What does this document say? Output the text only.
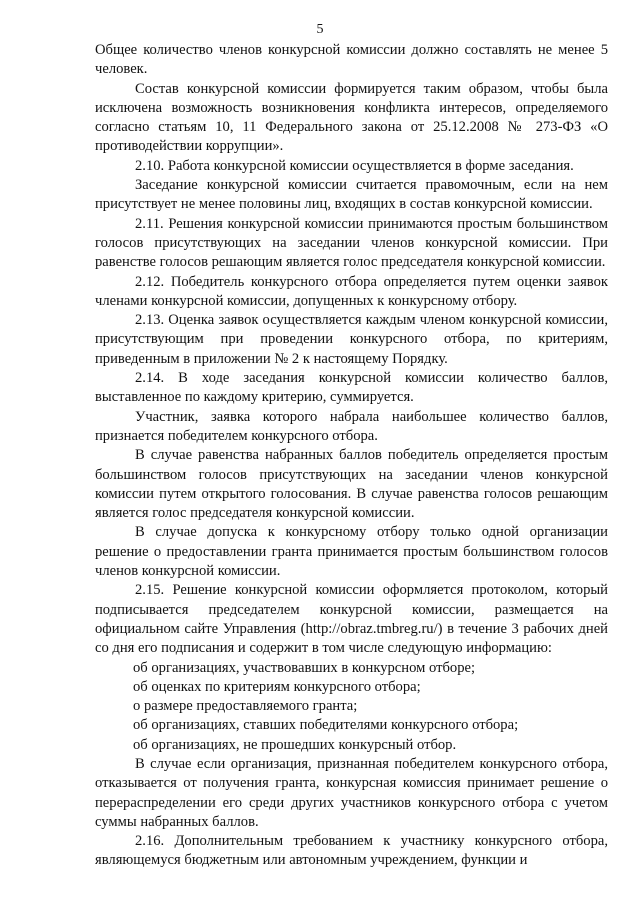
5

Общее количество членов конкурсной комиссии должно составлять не менее 5 человек.

Состав конкурсной комиссии формируется таким образом, чтобы была исключена возможность возникновения конфликта интересов, определяемого согласно статьям 10, 11 Федерального закона от 25.12.2008 № 273-ФЗ «О противодействии коррупции».

2.10. Работа конкурсной комиссии осуществляется в форме заседания.

Заседание конкурсной комиссии считается правомочным, если на нем присутствует не менее половины лиц, входящих в состав конкурсной комиссии.

2.11. Решения конкурсной комиссии принимаются простым большинством голосов присутствующих на заседании членов конкурсной комиссии. При равенстве голосов решающим является голос председателя конкурсной комиссии.

2.12. Победитель конкурсного отбора определяется путем оценки заявок членами конкурсной комиссии, допущенных к конкурсному отбору.

2.13. Оценка заявок осуществляется каждым членом конкурсной комиссии, присутствующим при проведении конкурсного отбора, по критериям, приведенным в приложении № 2 к настоящему Порядку.

2.14. В ходе заседания конкурсной комиссии количество баллов, выставленное по каждому критерию, суммируется.

Участник, заявка которого набрала наибольшее количество баллов, признается победителем конкурсного отбора.

В случае равенства набранных баллов победитель определяется простым большинством голосов присутствующих на заседании членов конкурсной комиссии путем открытого голосования. В случае равенства голосов решающим является голос председателя конкурсной комиссии.

В случае допуска к конкурсному отбору только одной организации решение о предоставлении гранта принимается простым большинством голосов членов конкурсной комиссии.

2.15. Решение конкурсной комиссии оформляется протоколом, который подписывается председателем конкурсной комиссии, размещается на официальном сайте Управления (http://obraz.tmbreg.ru/) в течение 3 рабочих дней со дня его подписания и содержит в том числе следующую информацию:

об организациях, участвовавших в конкурсном отборе;

об оценках по критериям конкурсного отбора;

о размере предоставляемого гранта;

об организациях, ставших победителями конкурсного отбора;

об организациях, не прошедших конкурсный отбор.

В случае если организация, признанная победителем конкурсного отбора, отказывается от получения гранта, конкурсная комиссия принимает решение о перераспределении его среди других участников конкурсного отбора с учетом суммы набранных баллов.

2.16. Дополнительным требованием к участнику конкурсного отбора, являющемуся бюджетным или автономным учреждением, функции и
